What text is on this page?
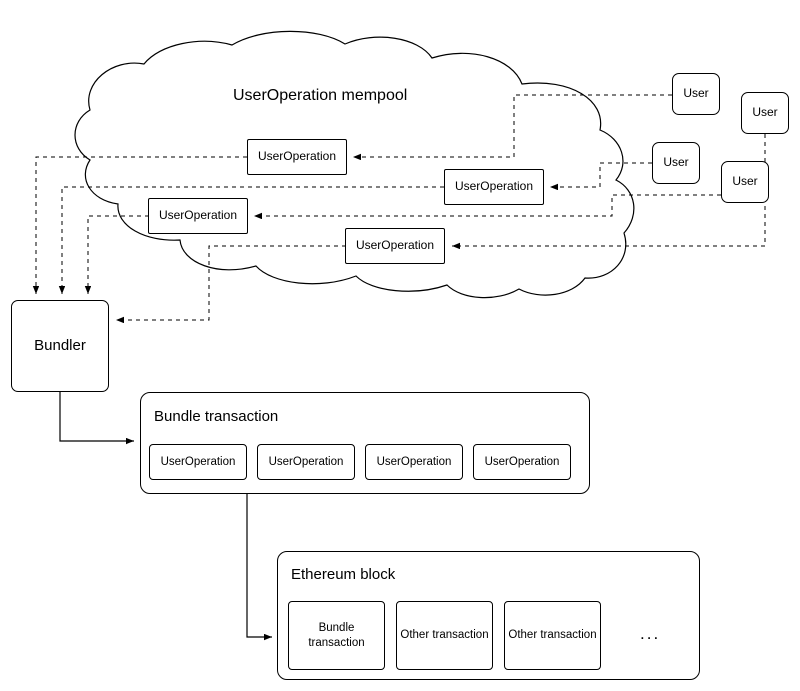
UserOperation mempool
UserOperation
UserOperation
UserOperation
UserOperation
User
User
User
User
Bundler
Bundle transaction
UserOperation	UserOperation	UserOperation	UserOperation
Ethereum block
Bundle transaction
Other transaction Other transaction	...
